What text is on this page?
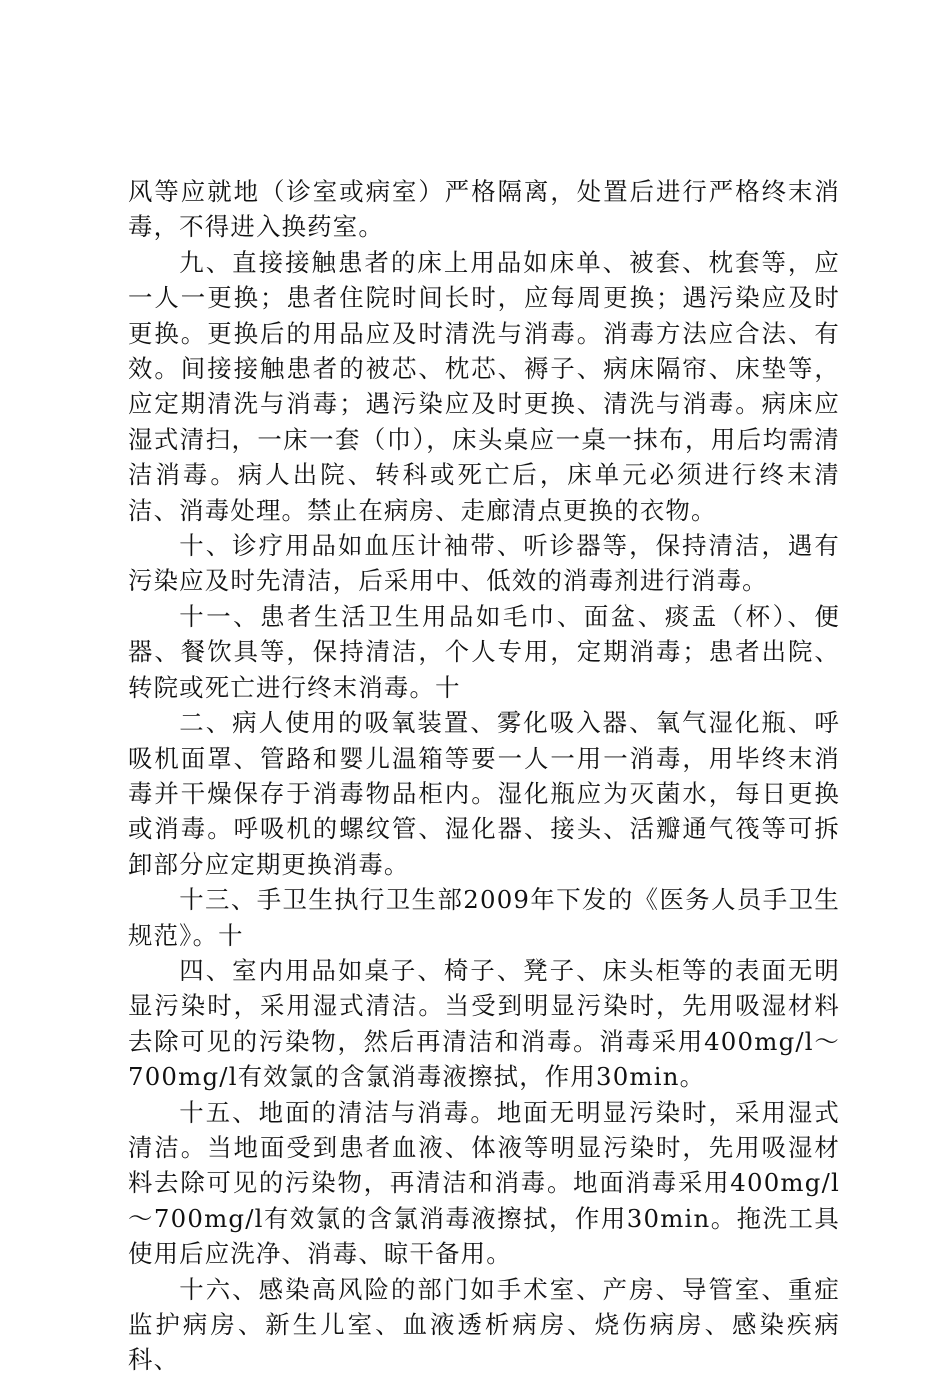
风等应就地（诊室或病室）严格隔离，处置后进行严格终末消毒，不得进入换药室。

九、直接接触患者的床上用品如床单、被套、枕套等，应一人一更换；患者住院时间长时，应每周更换；遇污染应及时更换。更换后的用品应及时清洗与消毒。消毒方法应合法、有效。间接接触患者的被芯、枕芯、褥子、病床隔帘、床垫等，应定期清洗与消毒；遇污染应及时更换、清洗与消毒。病床应湿式清扫，一床一套（巾），床头桌应一桌一抹布，用后均需清洁消毒。病人出院、转科或死亡后，床单元必须进行终末清洁、消毒处理。禁止在病房、走廊清点更换的衣物。

十、诊疗用品如血压计袖带、听诊器等，保持清洁，遇有污染应及时先清洁，后采用中、低效的消毒剂进行消毒。

十一、患者生活卫生用品如毛巾、面盆、痰盂（杯）、便器、餐饮具等，保持清洁，个人专用，定期消毒；患者出院、转院或死亡进行终末消毒。十

二、病人使用的吸氧装置、雾化吸入器、氧气湿化瓶、呼吸机面罩、管路和婴儿温箱等要一人一用一消毒，用毕终末消毒并干燥保存于消毒物品柜内。湿化瓶应为灭菌水，每日更换或消毒。呼吸机的螺纹管、湿化器、接头、活瓣通气筏等可拆卸部分应定期更换消毒。

十三、手卫生执行卫生部2009年下发的《医务人员手卫生规范》。十

四、室内用品如桌子、椅子、凳子、床头柜等的表面无明显污染时，采用湿式清洁。当受到明显污染时，先用吸湿材料去除可见的污染物，然后再清洁和消毒。消毒采用400mg/l～700mg/l有效氯的含氯消毒液擦拭，作用30min。

十五、地面的清洁与消毒。地面无明显污染时，采用湿式清洁。当地面受到患者血液、体液等明显污染时，先用吸湿材料去除可见的污染物，再清洁和消毒。地面消毒采用400mg/l～700mg/l有效氯的含氯消毒液擦拭，作用30min。拖洗工具使用后应洗净、消毒、晾干备用。

十六、感染高风险的部门如手术室、产房、导管室、重症监护病房、新生儿室、血液透析病房、烧伤病房、感染疾病科、
